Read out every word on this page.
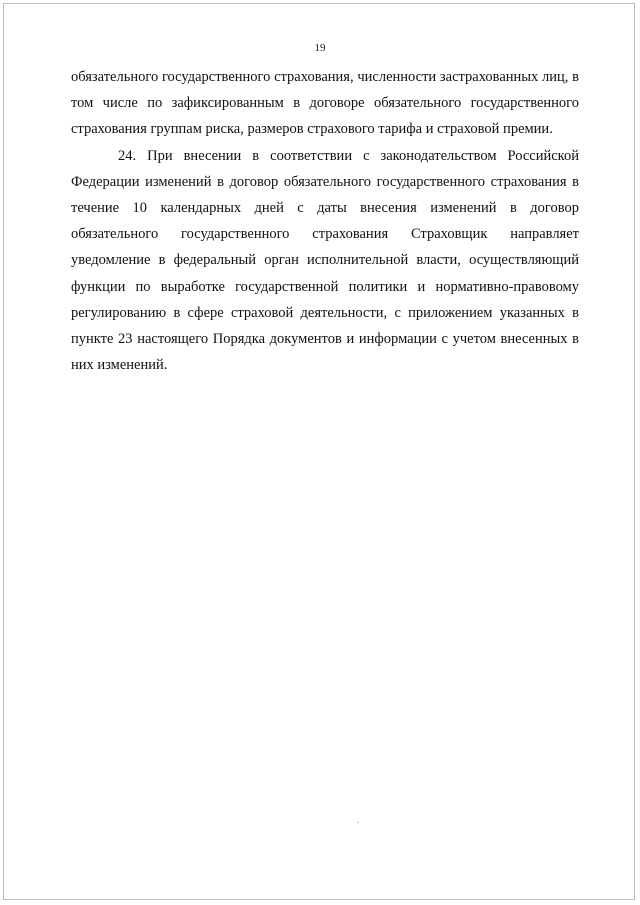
19

обязательного государственного страхования, численности застрахованных лиц, в том числе по зафиксированным в договоре обязательного государственного страхования группам риска, размеров страхового тарифа и страховой премии.

24. При внесении в соответствии с законодательством Российской Федерации изменений в договор обязательного государственного страхования в течение 10 календарных дней с даты внесения изменений в договор обязательного государственного страхования Страховщик направляет уведомление в федеральный орган исполнительной власти, осуществляющий функции по выработке государственной политики и нормативно-правовому регулированию в сфере страховой деятельности, с приложением указанных в пункте 23 настоящего Порядка документов и информации с учетом внесенных в них изменений.
